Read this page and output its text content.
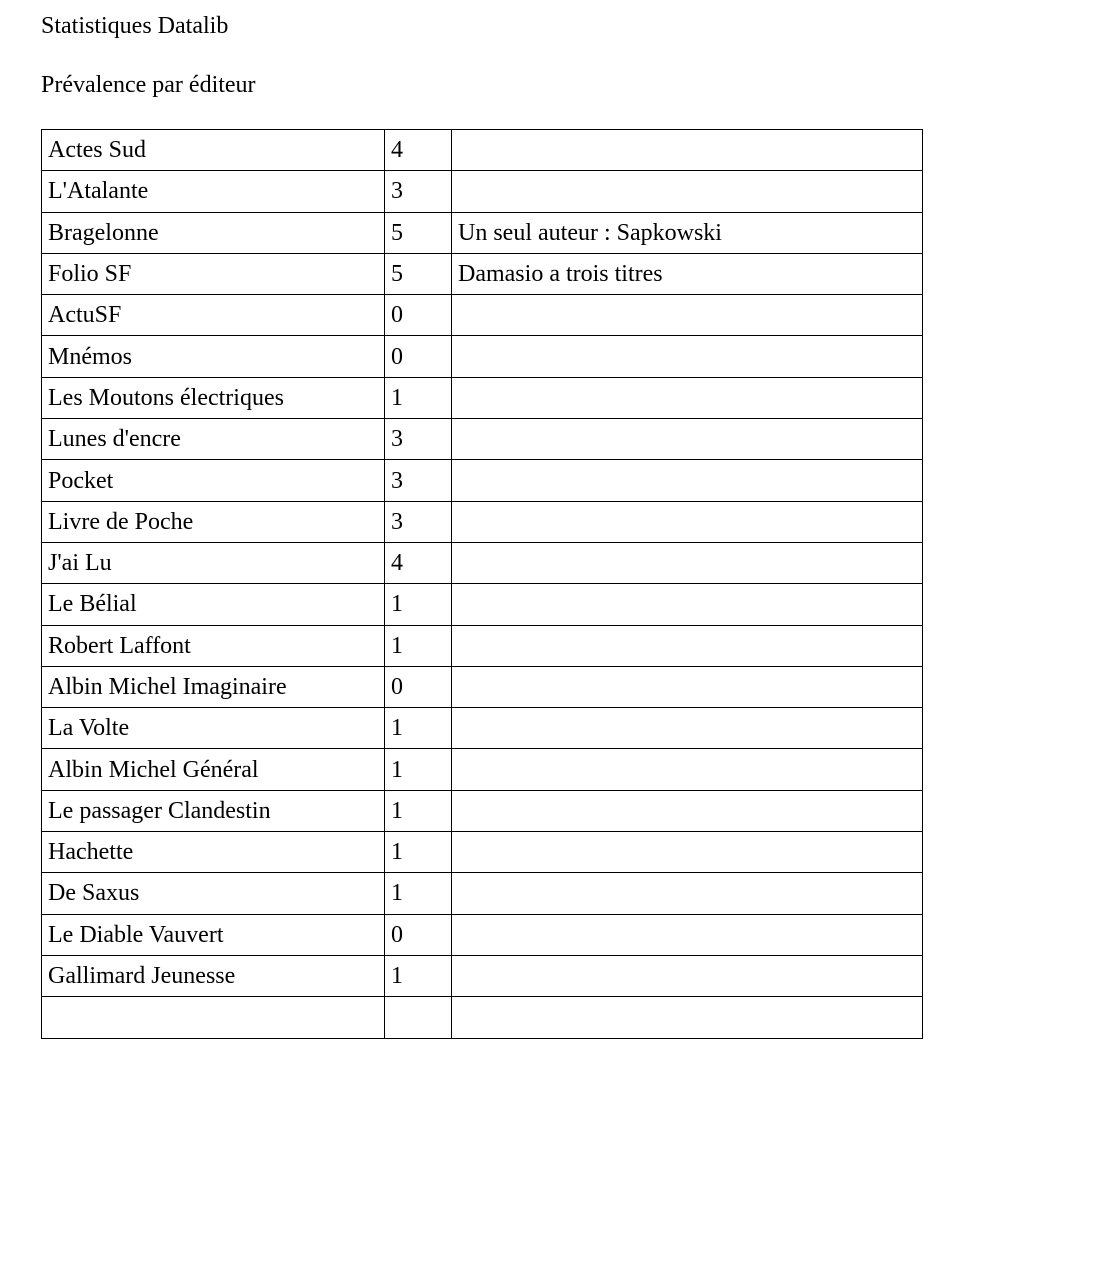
Statistiques Datalib

Prévalence par éditeur

Actes Sud	4	
L'Atalante	3	
Bragelonne	5	Un seul auteur : Sapkowski
Folio SF	5	Damasio a trois titres
ActuSF	0	
Mnémos	0	
Les Moutons électriques	1	
Lunes d'encre	3	
Pocket	3	
Livre de Poche	3	
J'ai Lu	4	
Le Bélial	1	
Robert Laffont	1	
Albin Michel Imaginaire	0	
La Volte	1	
Albin Michel Général	1	
Le passager Clandestin	1	
Hachette	1	
De Saxus	1	
Le Diable Vauvert	0	
Gallimard Jeunesse	1	
